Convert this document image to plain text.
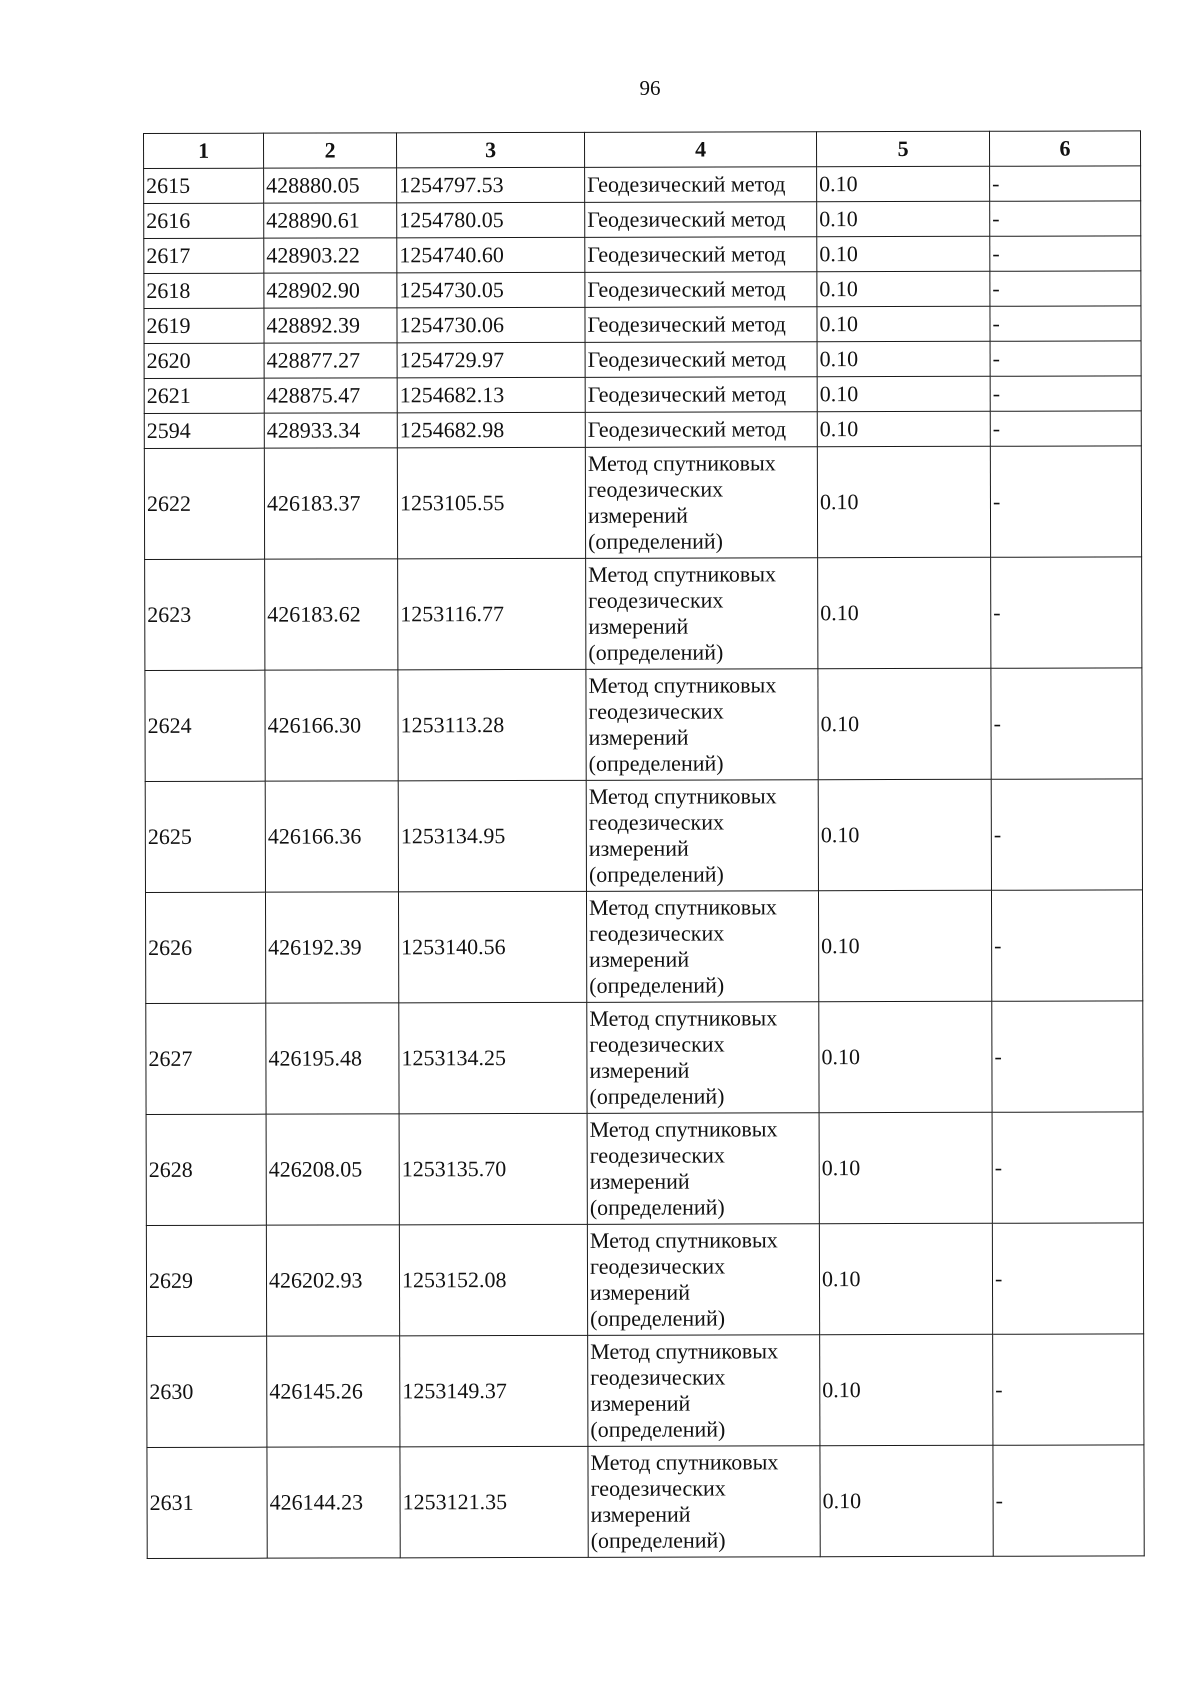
96
1	2	3	4	5	6
2615	428880.05	1254797.53	Геодезический метод	0.10	-
2616	428890.61	1254780.05	Геодезический метод	0.10	-
2617	428903.22	1254740.60	Геодезический метод	0.10	-
2618	428902.90	1254730.05	Геодезический метод	0.10	-
2619	428892.39	1254730.06	Геодезический метод	0.10	-
2620	428877.27	1254729.97	Геодезический метод	0.10	-
2621	428875.47	1254682.13	Геодезический метод	0.10	-
2594	428933.34	1254682.98	Геодезический метод	0.10	-
2622	426183.37	1253105.55	Метод спутниковых геодезических измерений (определений)	0.10	-
2623	426183.62	1253116.77	Метод спутниковых геодезических измерений (определений)	0.10	-
2624	426166.30	1253113.28	Метод спутниковых геодезических измерений (определений)	0.10	-
2625	426166.36	1253134.95	Метод спутниковых геодезических измерений (определений)	0.10	-
2626	426192.39	1253140.56	Метод спутниковых геодезических измерений (определений)	0.10	-
2627	426195.48	1253134.25	Метод спутниковых геодезических измерений (определений)	0.10	-
2628	426208.05	1253135.70	Метод спутниковых геодезических измерений (определений)	0.10	-
2629	426202.93	1253152.08	Метод спутниковых геодезических измерений (определений)	0.10	-
2630	426145.26	1253149.37	Метод спутниковых геодезических измерений (определений)	0.10	-
2631	426144.23	1253121.35	Метод спутниковых геодезических измерений (определений)	0.10	-
